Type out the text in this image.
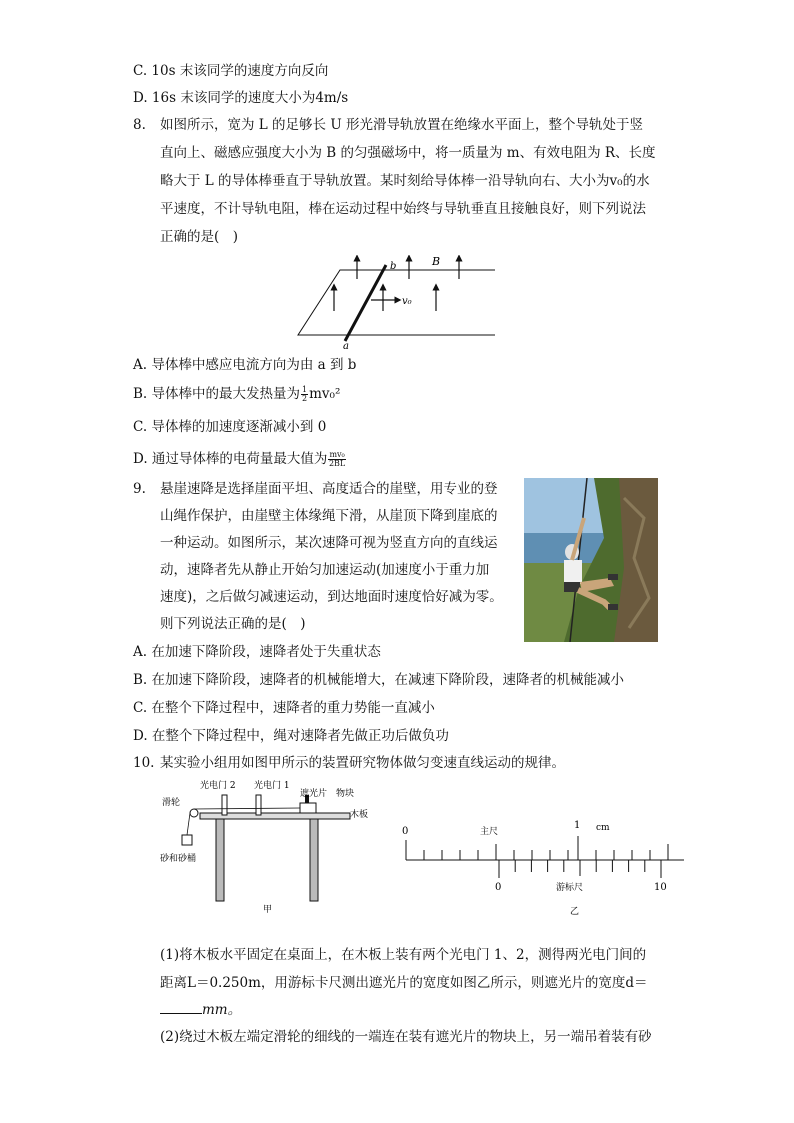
C. 10s 末该同学的速度方向反向
D. 16s 末该同学的速度大小为4m/s
8. 如图所示，宽为 L 的足够长 U 形光滑导轨放置在绝缘水平面上，整个导轨处于竖
直向上、磁感应强度大小为 B 的匀强磁场中，将一质量为 m、有效电阻为 R、长度
略大于 L 的导体棒垂直于导轨放置。某时刻给导体棒一沿导轨向右、大小为v₀的水
平速度，不计导轨电阻，棒在运动过程中始终与导轨垂直且接触良好，则下列说法
正确的是(　)
b	B
v₀
a
A. 导体棒中感应电流方向为由 a 到 b
B. 导体棒中的最大发热量为 $\frac{1}{2} mv_0^2$
C. 导体棒的加速度逐渐减小到 0
D. 通过导体棒的电荷量最大值为 $\frac{\text{mv₀}}{2BL}$
9. 悬崖速降是选择崖面平坦、高度适合的崖壁，用专业的登
山绳作保护，由崖壁主体缘绳下滑，从崖顶下降到崖底的
一种运动。如图所示，某次速降可视为竖直方向的直线运
动，速降者先从静止开始匀加速运动(加速度小于重力加
速度)，之后做匀减速运动，到达地面时速度恰好减为零。
则下列说法正确的是(　)
A. 在加速下降阶段，速降者处于失重状态
B. 在加速下降阶段，速降者的机械能增大，在减速下降阶段，速降者的机械能减小
C. 在整个下降过程中，速降者的重力势能一直减小
D. 在整个下降过程中，绳对速降者先做正功后做负功
10. 某实验小组用如图甲所示的装置研究物体做匀变速直线运动的规律。
光电门 2 光电门 1
遮光片 物块
滑轮
木板
砂和砂桶
甲
0	主尺
1 cm
0	游标尺	10
乙
(1)将木板水平固定在桌面上，在木板上装有两个光电门 1、2，测得两光电门间的
距离L＝0.250m，用游标卡尺测出遮光片的宽度如图乙所示，则遮光片的宽度d＝
mm。
(2)绕过木板左端定滑轮的细线的一端连在装有遮光片的物块上，另一端吊着装有砂
